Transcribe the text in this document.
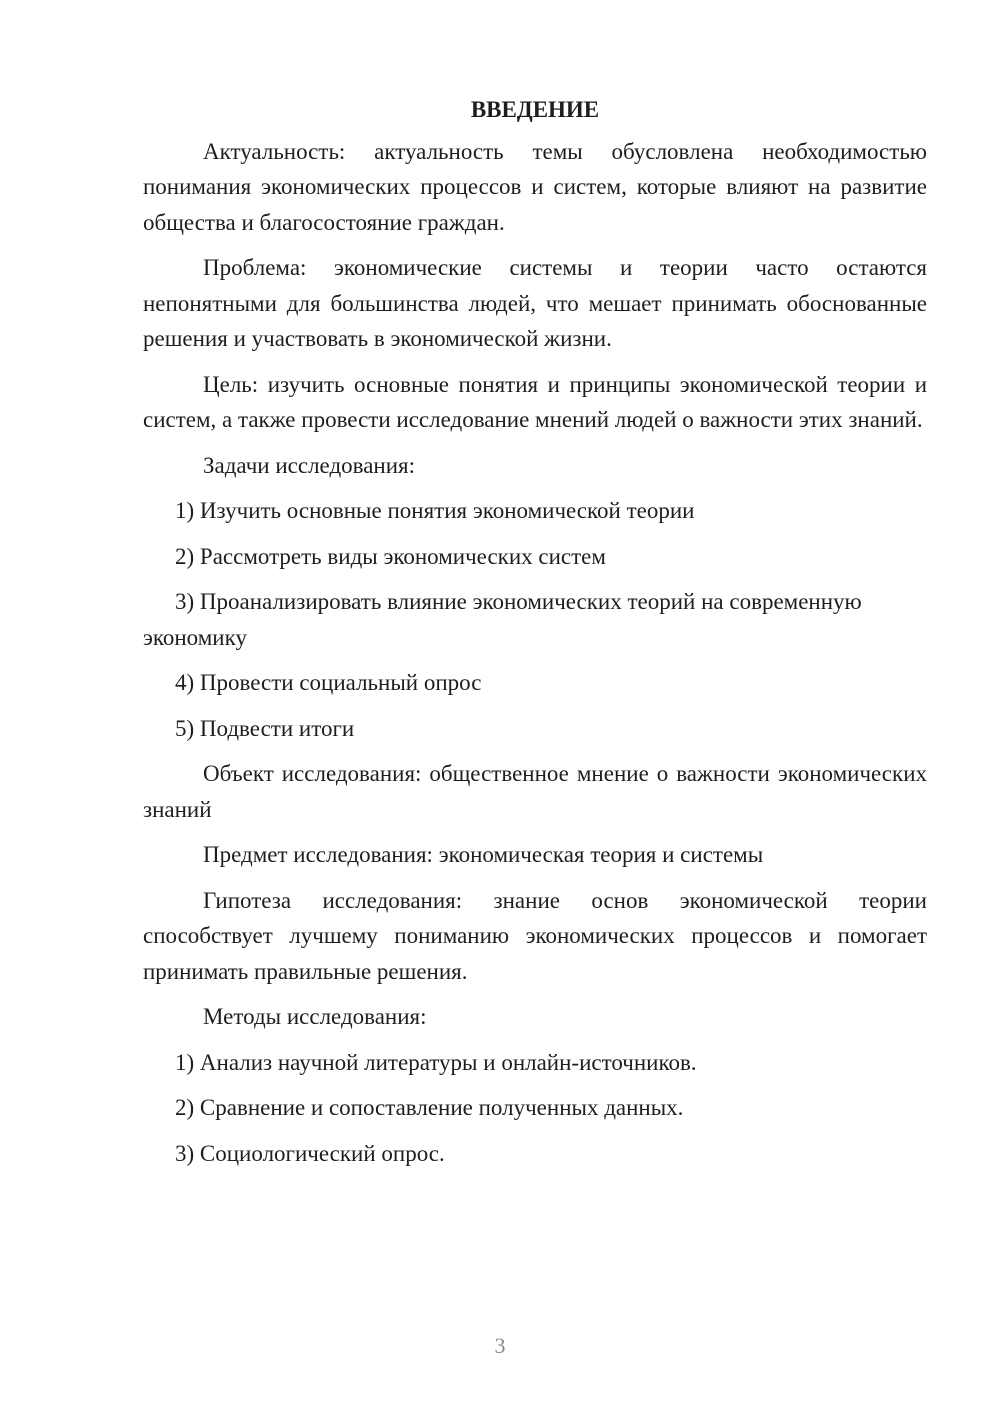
ВВЕДЕНИЕ

Актуальность: актуальность темы обусловлена необходимостью понимания экономических процессов и систем, которые влияют на развитие общества и благосостояние граждан.

Проблема: экономические системы и теории часто остаются непонятными для большинства людей, что мешает принимать обоснованные решения и участвовать в экономической жизни.

Цель: изучить основные понятия и принципы экономической теории и систем, а также провести исследование мнений людей о важности этих знаний.

Задачи исследования:

1) Изучить основные понятия экономической теории
2) Рассмотреть виды экономических систем
3) Проанализировать влияние экономических теорий на современную экономику
4) Провести социальный опрос
5) Подвести итоги

Объект исследования: общественное мнение о важности экономических знаний

Предмет исследования: экономическая теория и системы

Гипотеза исследования: знание основ экономической теории способствует лучшему пониманию экономических процессов и помогает принимать правильные решения.

Методы исследования:

1) Анализ научной литературы и онлайн-источников.
2) Сравнение и сопоставление полученных данных.
3) Социологический опрос.
3
